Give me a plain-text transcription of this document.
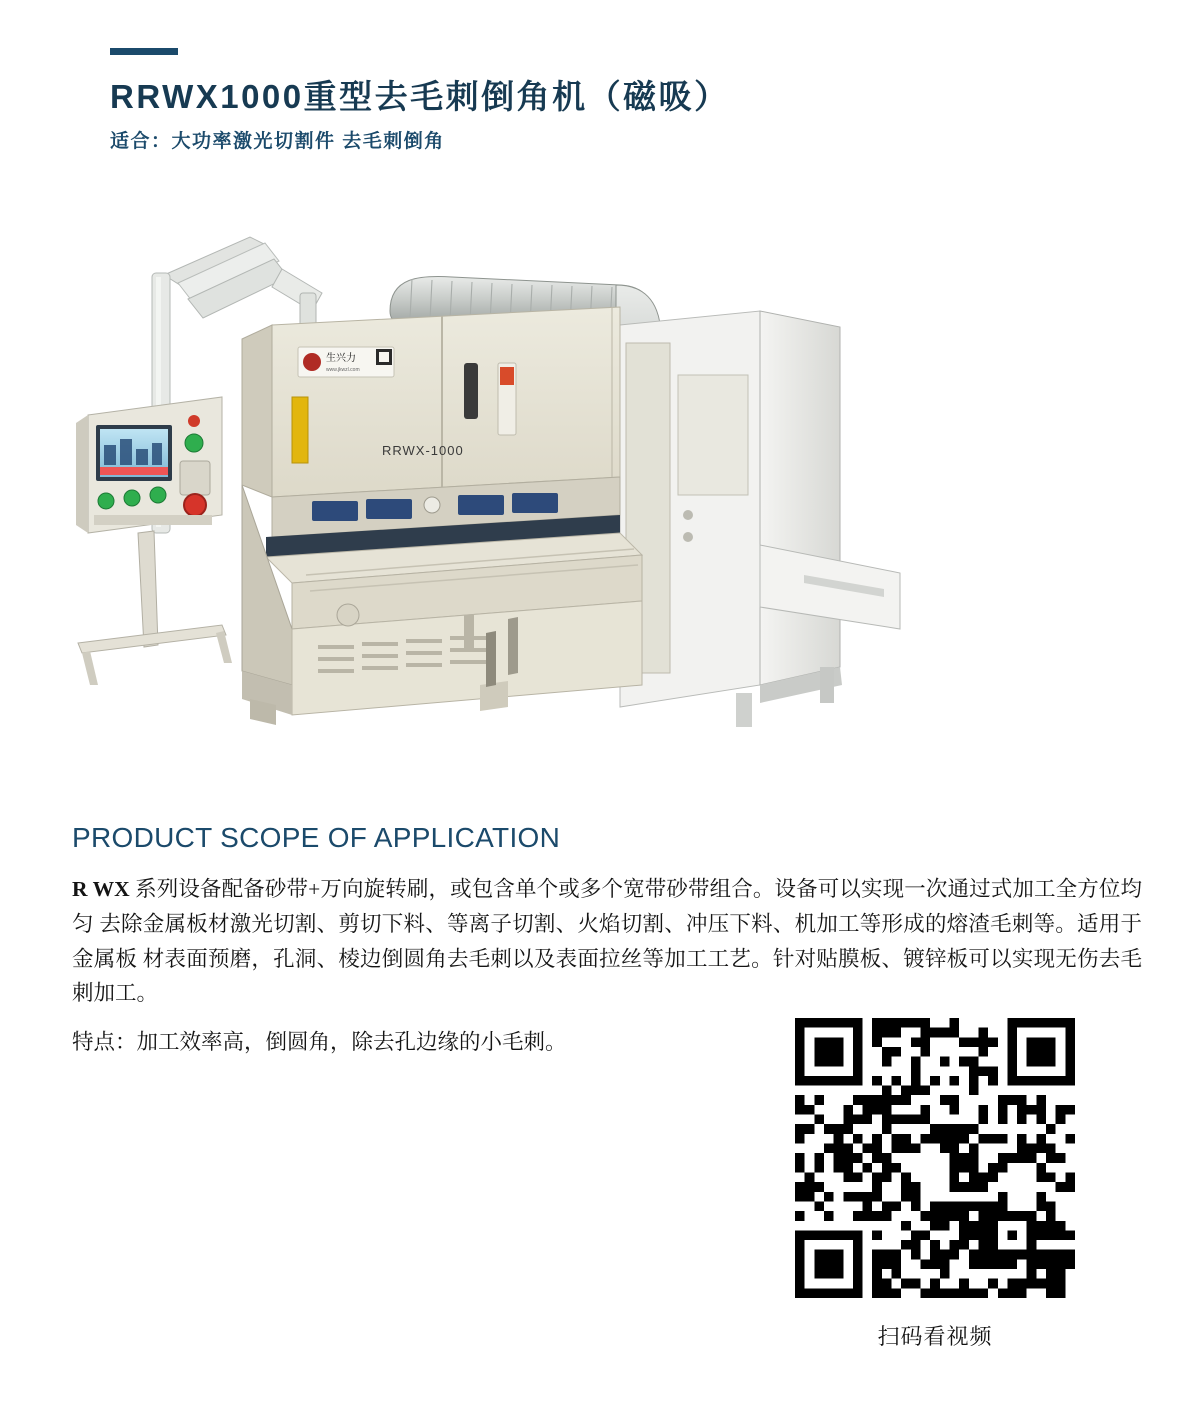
RRWX1000重型去毛刺倒角机（磁吸）
适合：大功率激光切割件 去毛刺倒角
生兴力
www.jkwzl.com
RRWX-1000
PRODUCT SCOPE OF APPLICATION

R WX 系列设备配备砂带+万向旋转刷，或包含单个或多个宽带砂带组合。设备可以实现一次通过式加工全方位均匀 去除金属板材激光切割、剪切下料、等离子切割、火焰切割、冲压下料、机加工等形成的熔渣毛刺等。适用于金属板 材表面预磨，孔洞、棱边倒圆角去毛刺以及表面拉丝等加工工艺。针对贴膜板、镀锌板可以实现无伤去毛刺加工。

特点：加工效率高，倒圆角，除去孔边缘的小毛刺。

扫码看视频
